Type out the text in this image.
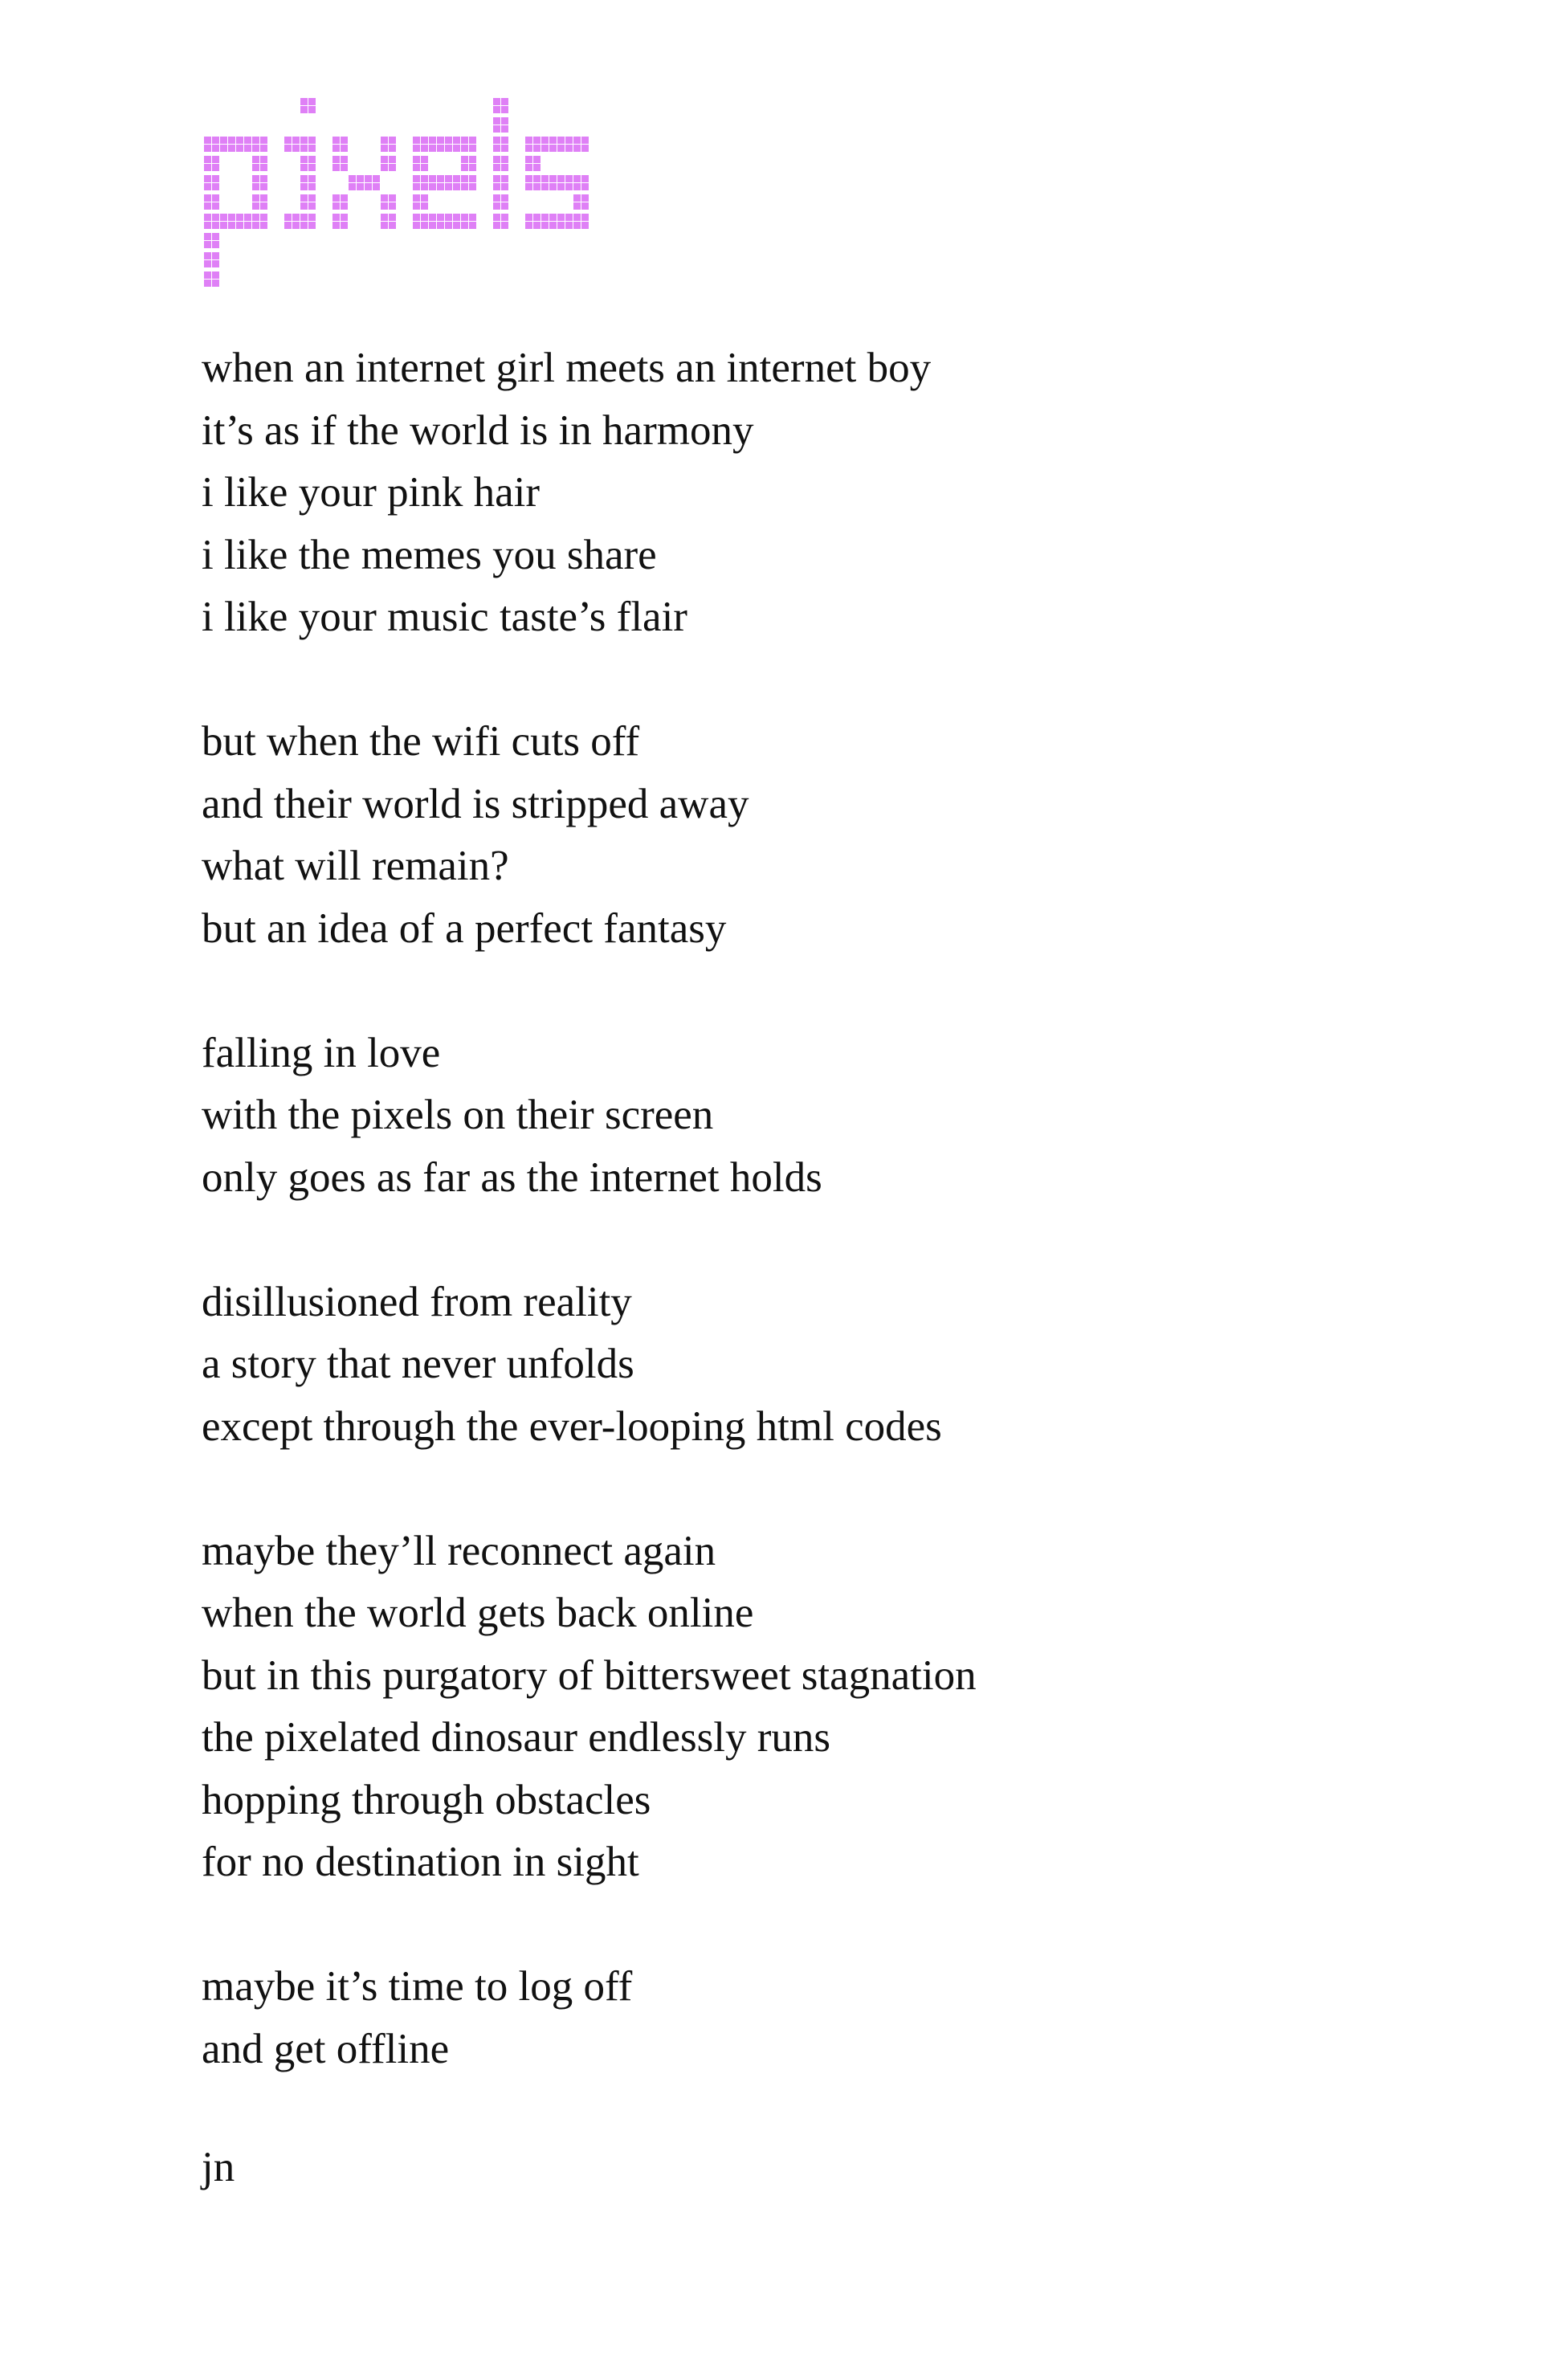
when an internet girl meets an internet boy
it’s as if the world is in harmony
i like your pink hair
i like the memes you share
i like your music taste’s flair
but when the wifi cuts off
and their world is stripped away
what will remain?
but an idea of a perfect fantasy
falling in love
with the pixels on their screen
only goes as far as the internet holds
disillusioned from reality
a story that never unfolds
except through the ever-looping html codes
maybe they’ll reconnect again
when the world gets back online
but in this purgatory of bittersweet stagnation
the pixelated dinosaur endlessly runs
hopping through obstacles
for no destination in sight
maybe it’s time to log off
and get offline
jn
